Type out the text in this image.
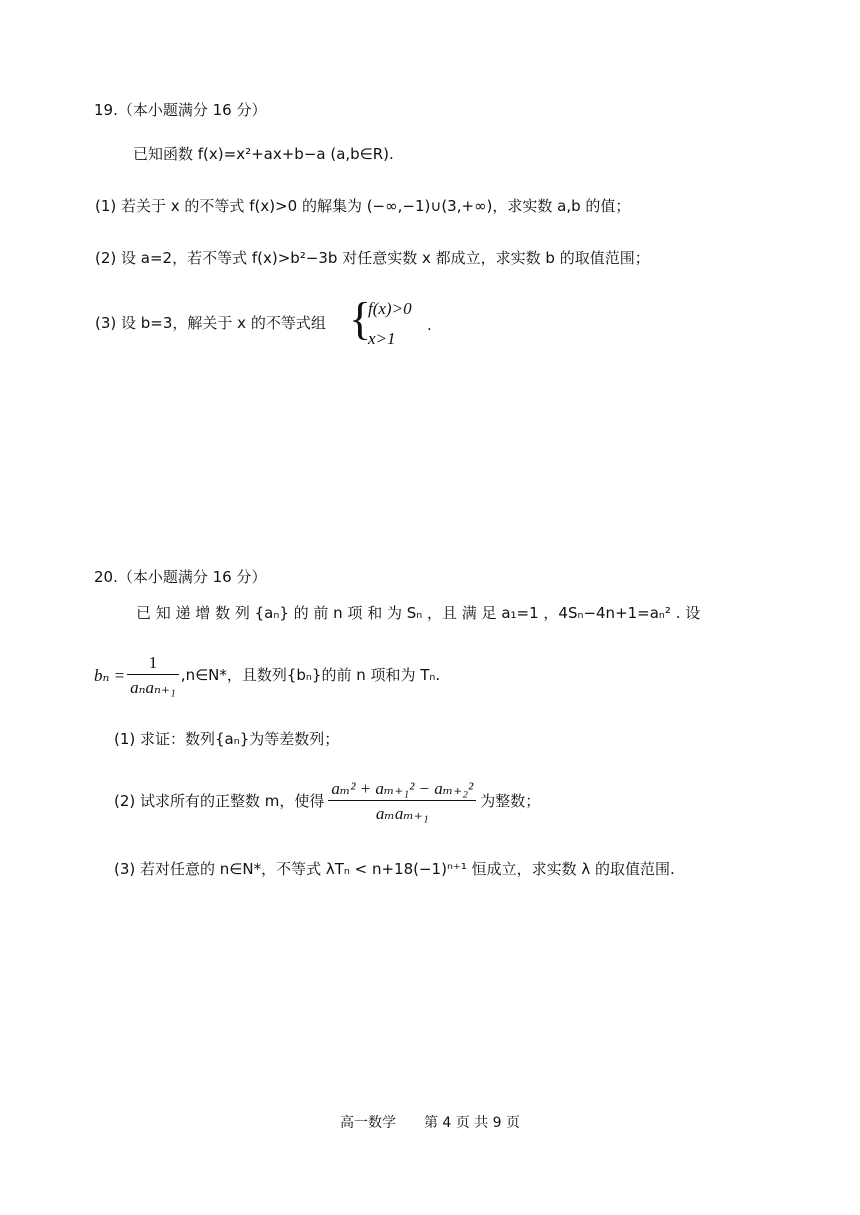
19.（本小题满分 16 分）
已知函数 f(x)=x²+ax+b−a (a,b∈R).
(1) 若关于 x 的不等式 f(x)>0 的解集为 (−∞,−1)∪(3,+∞)，求实数 a,b 的值；
(2) 设 a=2，若不等式 f(x)>b²−3b 对任意实数 x 都成立，求实数 b 的取值范围；
(3) 设 b=3，解关于 x 的不等式组 {
f(x)>0
x>1
.
20.（本小题满分 16 分）
已 知 递 增 数 列 {aₙ} 的 前 n 项 和 为 Sₙ ，且 满 足 a₁=1 ，4Sₙ−4n+1=aₙ² . 设
$b_n = \frac{1}{\text{aₙaₙ₊₁}}$ ,n∈N*，且数列{bₙ}的前 n 项和为 Tₙ.
(1) 求证：数列{aₙ}为等差数列；
(2) 试求所有的正整数 m，使得 $\frac{\text{aₘ² + aₘ₊₁² − aₘ₊₂²}}{\text{aₘaₘ₊₁}}$ 为整数；
(3) 若对任意的 n∈N*，不等式 λTₙ < n+18(−1)ⁿ⁺¹ 恒成立，求实数 λ 的取值范围.
高一数学　　第 4 页 共 9 页
